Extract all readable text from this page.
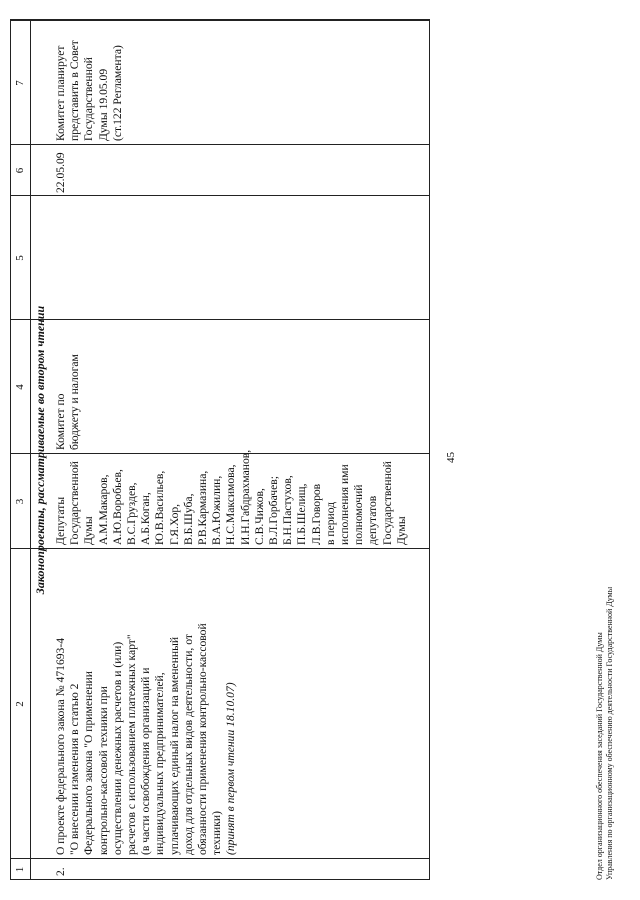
45
1
2
3
4
5
6
7
Законопроекты, рассматриваемые во втором чтении
2.
О проекте федерального закона № 471693-4 "О внесении изменения в статью 2 Федерального закона "О применении контрольно-кассовой техники при осуществлении денежных расчетов и (или) расчетов с использованием платежных карт" (в части освобождения организаций и индивидуальных предпринимателей, уплачивающих единый налог на вмененный доход для отдельных видов деятельности, от обязанности применения контрольно-кассовой техники) (принят в первом чтении 18.10.07)
Депутаты Государственной Думы А.М.Макаров, А.Ю.Воробьев, В.С.Груздев, А.Б.Коган, Ю.В.Васильев, Г.Я.Хор, В.Б.Шуба, Р.В.Кармазина, В.А.Южилин, Н.С.Максимова, И.Н.Габдрахманов, С.В.Чижов, В.Л.Горбачев; Б.Н.Пастухов, П.Б.Шелищ, Л.В.Говоров в период исполнения ими полномочий депутатов Государственной Думы
Комитет по бюджету и налогам
22.05.09
Комитет планирует представить в Совет Государственной Думы 19.05.09 (ст.122 Регламента)
Отдел организационного обеспечения заседаний Государственной Думы Управления по организационному обеспечению деятельности Государственной Думы
